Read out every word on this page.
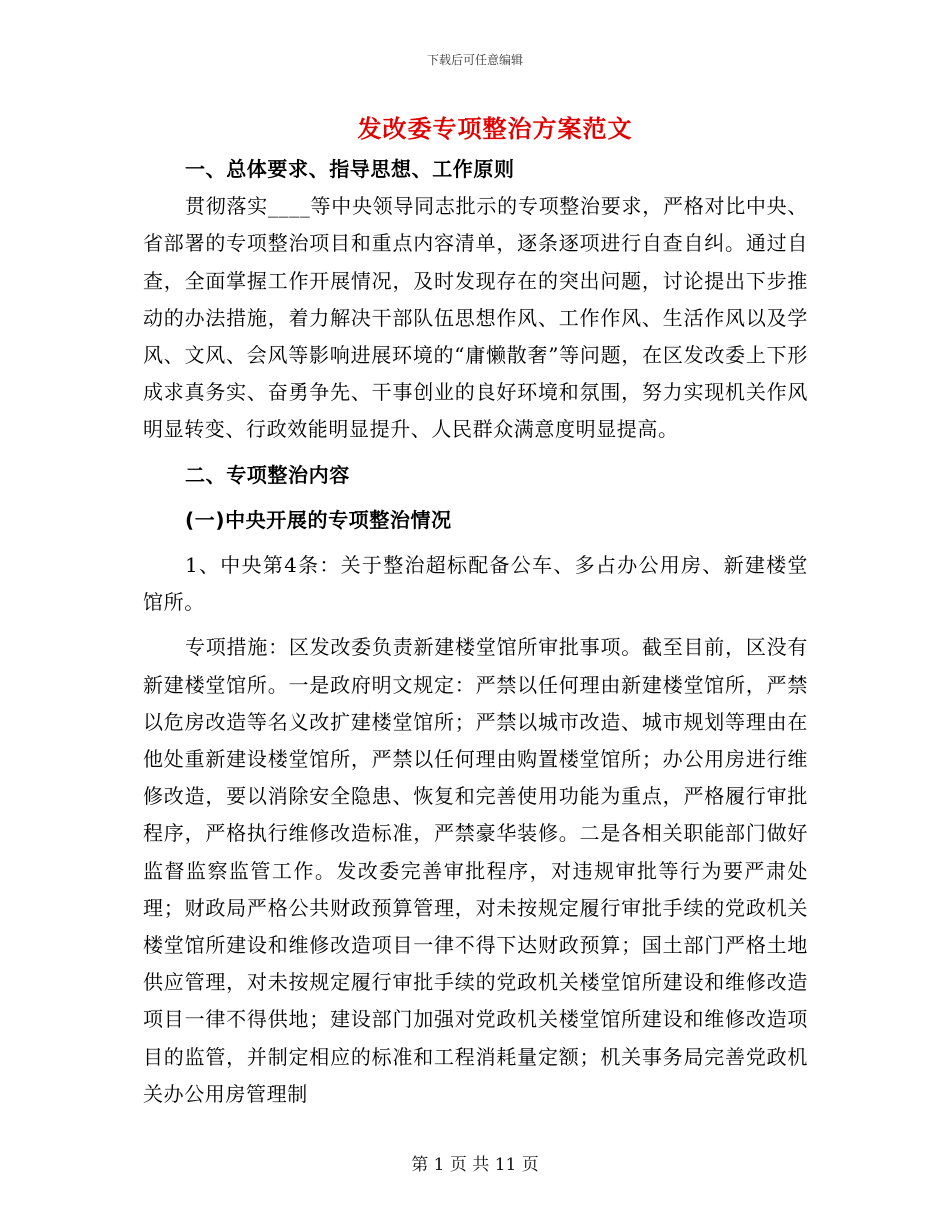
下载后可任意编辑
发改委专项整治方案范文

一、总体要求、指导思想、工作原则

贯彻落实____等中央领导同志批示的专项整治要求，严格对比中央、省部署的专项整治项目和重点内容清单，逐条逐项进行自查自纠。通过自查，全面掌握工作开展情况，及时发现存在的突出问题，讨论提出下步推动的办法措施，着力解决干部队伍思想作风、工作作风、生活作风以及学风、文风、会风等影响进展环境的“庸懒散奢”等问题，在区发改委上下形成求真务实、奋勇争先、干事创业的良好环境和氛围，努力实现机关作风明显转变、行政效能明显提升、人民群众满意度明显提高。

二、专项整治内容

(一)中央开展的专项整治情况

1、中央第4条：关于整治超标配备公车、多占办公用房、新建楼堂馆所。

专项措施：区发改委负责新建楼堂馆所审批事项。截至目前，区没有新建楼堂馆所。一是政府明文规定：严禁以任何理由新建楼堂馆所，严禁以危房改造等名义改扩建楼堂馆所；严禁以城市改造、城市规划等理由在他处重新建设楼堂馆所，严禁以任何理由购置楼堂馆所；办公用房进行维修改造，要以消除安全隐患、恢复和完善使用功能为重点，严格履行审批程序，严格执行维修改造标准，严禁豪华装修。二是各相关职能部门做好监督监察监管工作。发改委完善审批程序，对违规审批等行为要严肃处理；财政局严格公共财政预算管理，对未按规定履行审批手续的党政机关楼堂馆所建设和维修改造项目一律不得下达财政预算；国土部门严格土地供应管理，对未按规定履行审批手续的党政机关楼堂馆所建设和维修改造项目一律不得供地；建设部门加强对党政机关楼堂馆所建设和维修改造项目的监管，并制定相应的标准和工程消耗量定额；机关事务局完善党政机关办公用房管理制

第 1 页 共 11 页
